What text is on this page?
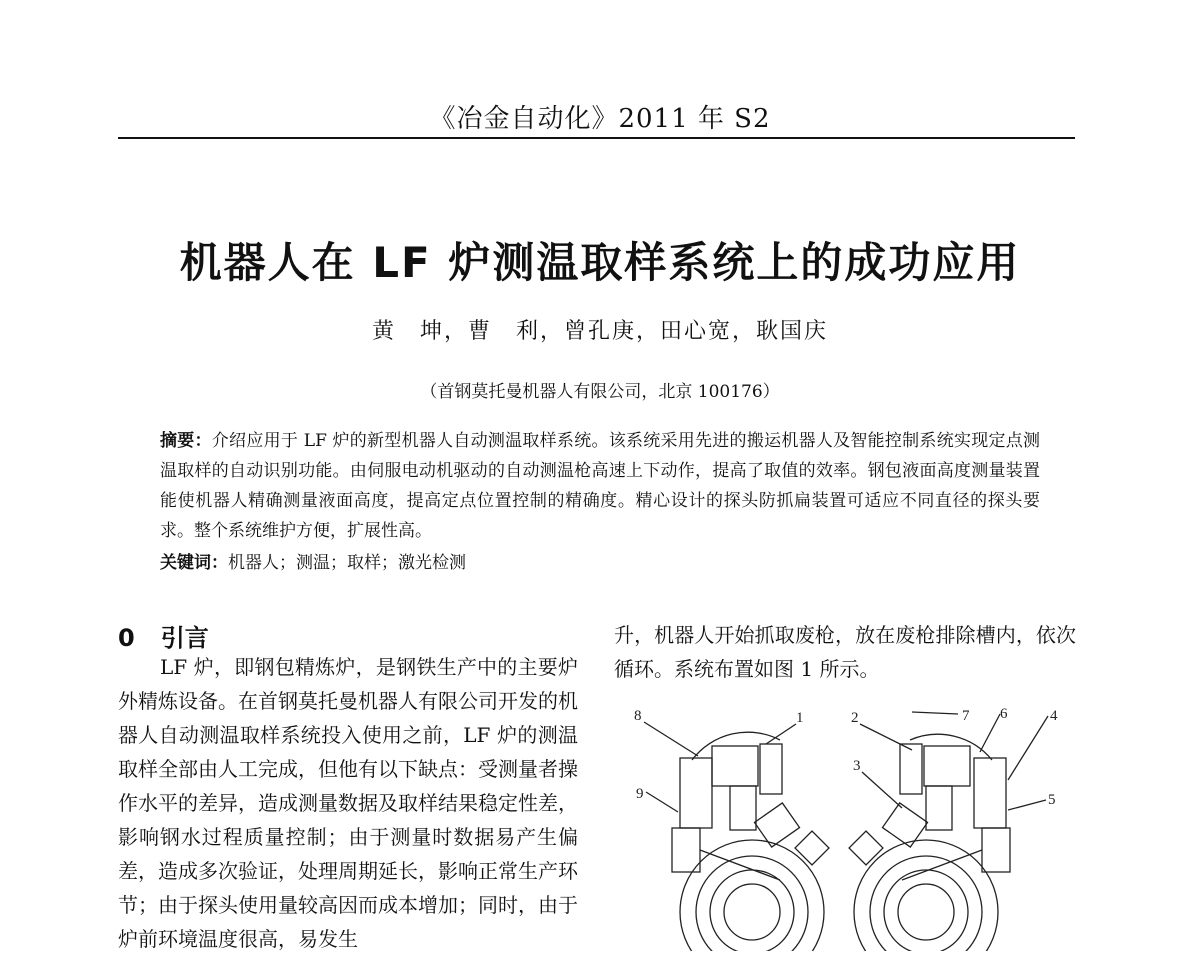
《冶金自动化》2011 年 S2
机器人在 LF 炉测温取样系统上的成功应用
黄　坤，曹　利，曾孔庚，田心宽，耿国庆
（首钢莫托曼机器人有限公司，北京 100176）
摘要：介绍应用于 LF 炉的新型机器人自动测温取样系统。该系统采用先进的搬运机器人及智能控制系统实现定点测温取样的自动识别功能。由伺服电动机驱动的自动测温枪高速上下动作，提高了取值的效率。钢包液面高度测量装置能使机器人精确测量液面高度，提高定点位置控制的精确度。精心设计的探头防抓扁装置可适应不同直径的探头要求。整个系统维护方便，扩展性高。
关键词：机器人；测温；取样；激光检测
0 引言

LF 炉，即钢包精炼炉，是钢铁生产中的主要炉外精炼设备。在首钢莫托曼机器人有限公司开发的机器人自动测温取样系统投入使用之前，LF 炉的测温取样全部由人工完成，但他有以下缺点：受测量者操作水平的差异，造成测量数据及取样结果稳定性差，影响钢水过程质量控制；由于测量时数据易产生偏差，造成多次验证，处理周期延长，影响正常生产环节；由于探头使用量较高因而成本增加；同时，由于炉前环境温度很高，易发生

升，机器人开始抓取废枪，放在废枪排除槽内，依次循环。系统布置如图 1 所示。

1	2
3
4
5
6
7
8
9
